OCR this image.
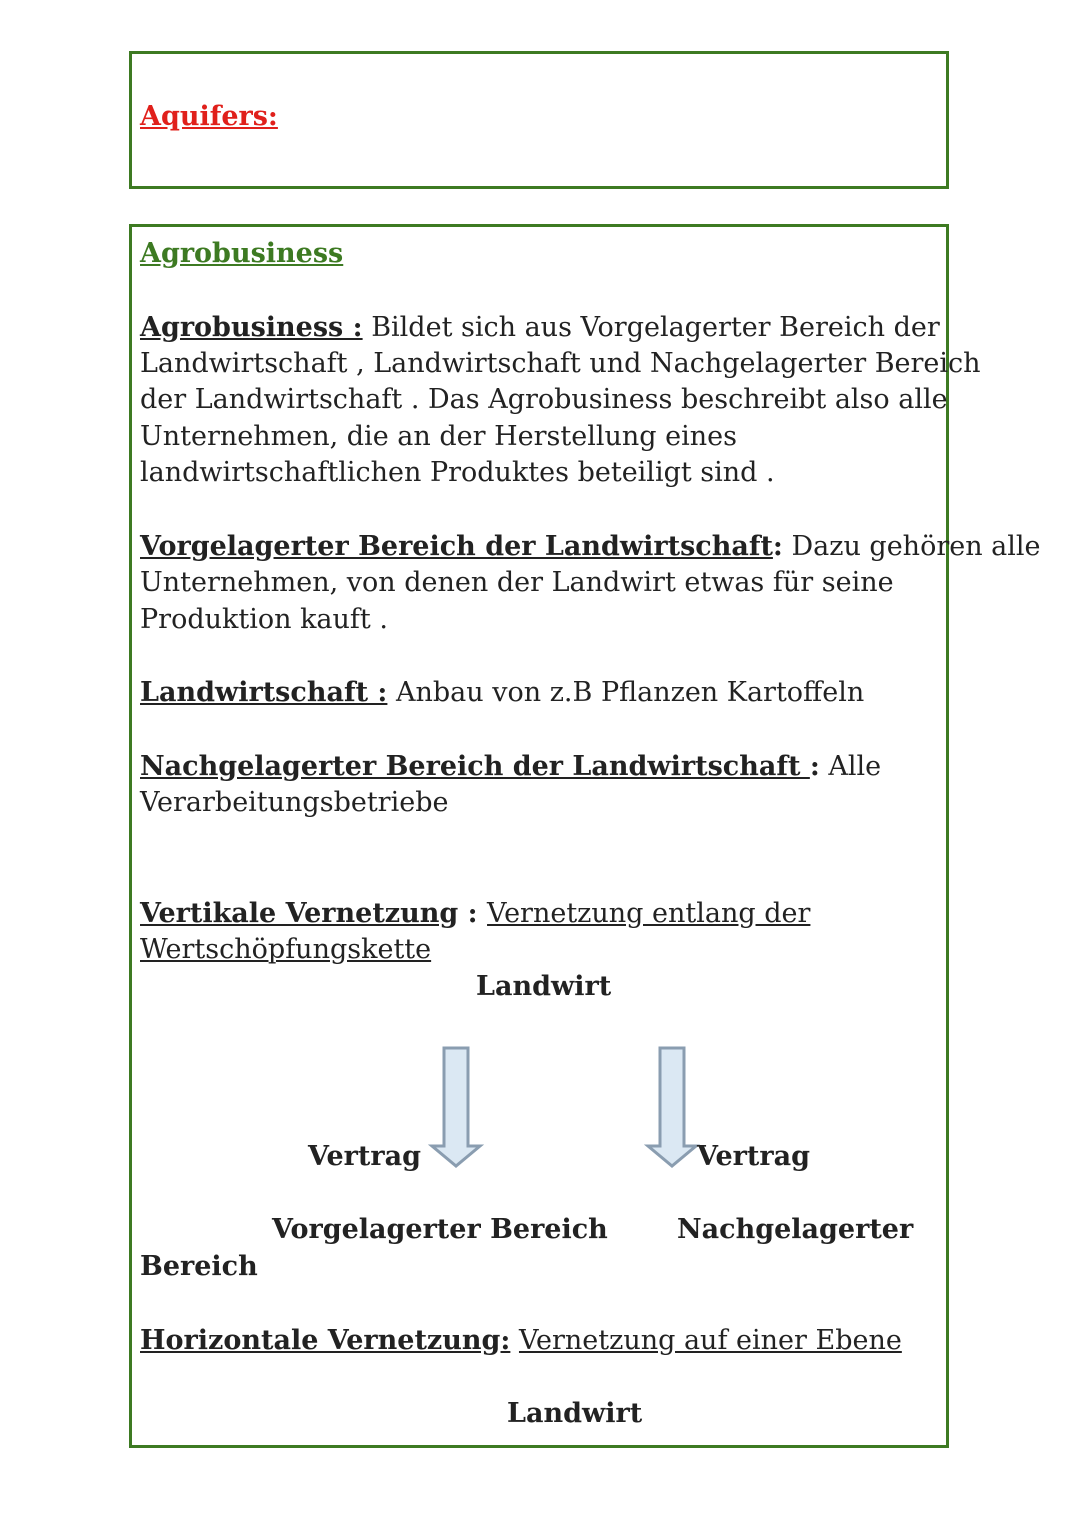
Aquifers:
Agrobusiness
Agrobusiness : Bildet sich aus Vorgelagerter Bereich der
Landwirtschaft , Landwirtschaft und Nachgelagerter Bereich
der Landwirtschaft . Das Agrobusiness beschreibt also alle
Unternehmen, die an der Herstellung eines
landwirtschaftlichen Produktes beteiligt sind .
Vorgelagerter Bereich der Landwirtschaft: Dazu gehören alle
Unternehmen, von denen der Landwirt etwas für seine
Produktion kauft .
Landwirtschaft : Anbau von z.B Pflanzen Kartoffeln
Nachgelagerter Bereich der Landwirtschaft : Alle
Verarbeitungsbetriebe
Vertikale Vernetzung : Vernetzung entlang der
Wertschöpfungskette
Landwirt
Vertrag	Vertrag
Vorgelagerter Bereich	Nachgelagerter
Bereich
Horizontale Vernetzung: Vernetzung auf einer Ebene
Landwirt
